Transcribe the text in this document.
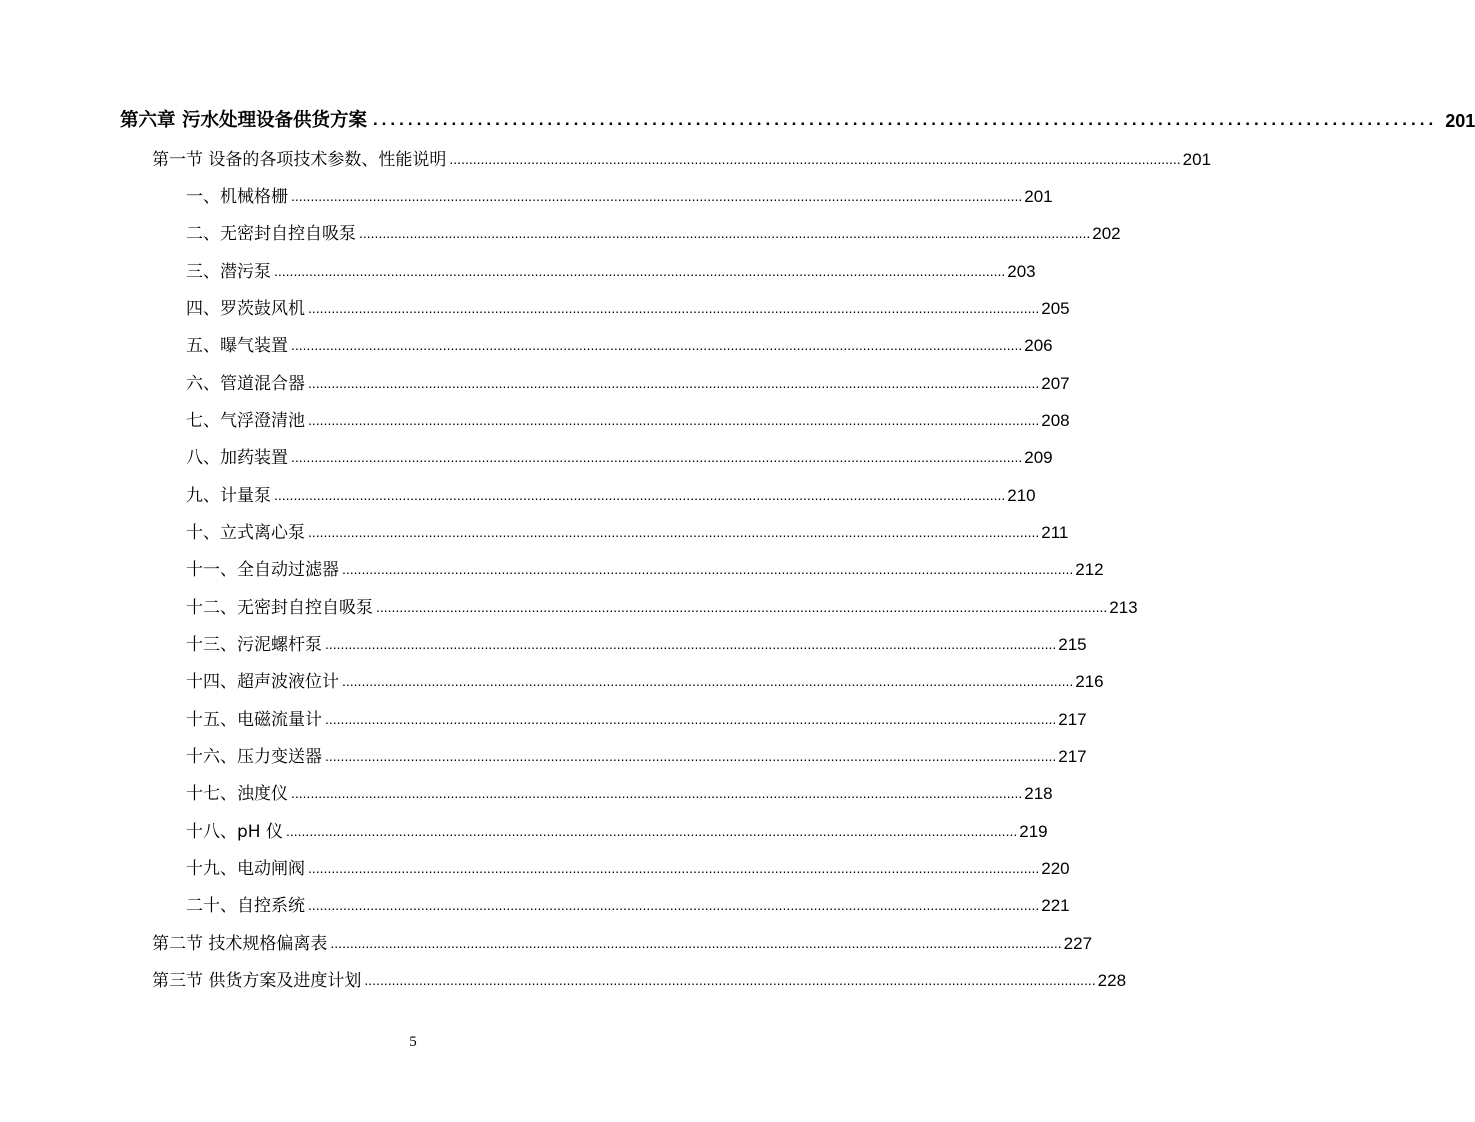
第六章 污水处理设备供货方案 .......................................................................................................................... 201
第一节 设备的各项技术参数、性能说明 ............................................................................................................................................................................................ 201
一、机械格栅 ............................................................................................................................................................................................ 201
二、无密封自控自吸泵 ............................................................................................................................................................................................ 202
三、潜污泵 ............................................................................................................................................................................................ 203
四、罗茨鼓风机 ............................................................................................................................................................................................ 205
五、曝气装置 ............................................................................................................................................................................................ 206
六、管道混合器 ............................................................................................................................................................................................ 207
七、气浮澄清池 ............................................................................................................................................................................................ 208
八、加药装置 ............................................................................................................................................................................................ 209
九、计量泵 ............................................................................................................................................................................................ 210
十、立式离心泵 ............................................................................................................................................................................................ 211
十一、全自动过滤器 ............................................................................................................................................................................................ 212
十二、无密封自控自吸泵 ............................................................................................................................................................................................ 213
十三、污泥螺杆泵 ............................................................................................................................................................................................ 215
十四、超声波液位计 ............................................................................................................................................................................................ 216
十五、电磁流量计 ............................................................................................................................................................................................ 217
十六、压力变送器 ............................................................................................................................................................................................ 217
十七、浊度仪 ............................................................................................................................................................................................ 218
十八、pH 仪 ............................................................................................................................................................................................ 219
十九、电动闸阀 ............................................................................................................................................................................................ 220
二十、自控系统 ............................................................................................................................................................................................ 221
第二节 技术规格偏离表 ............................................................................................................................................................................................ 227
第三节 供货方案及进度计划 ............................................................................................................................................................................................ 228
5
